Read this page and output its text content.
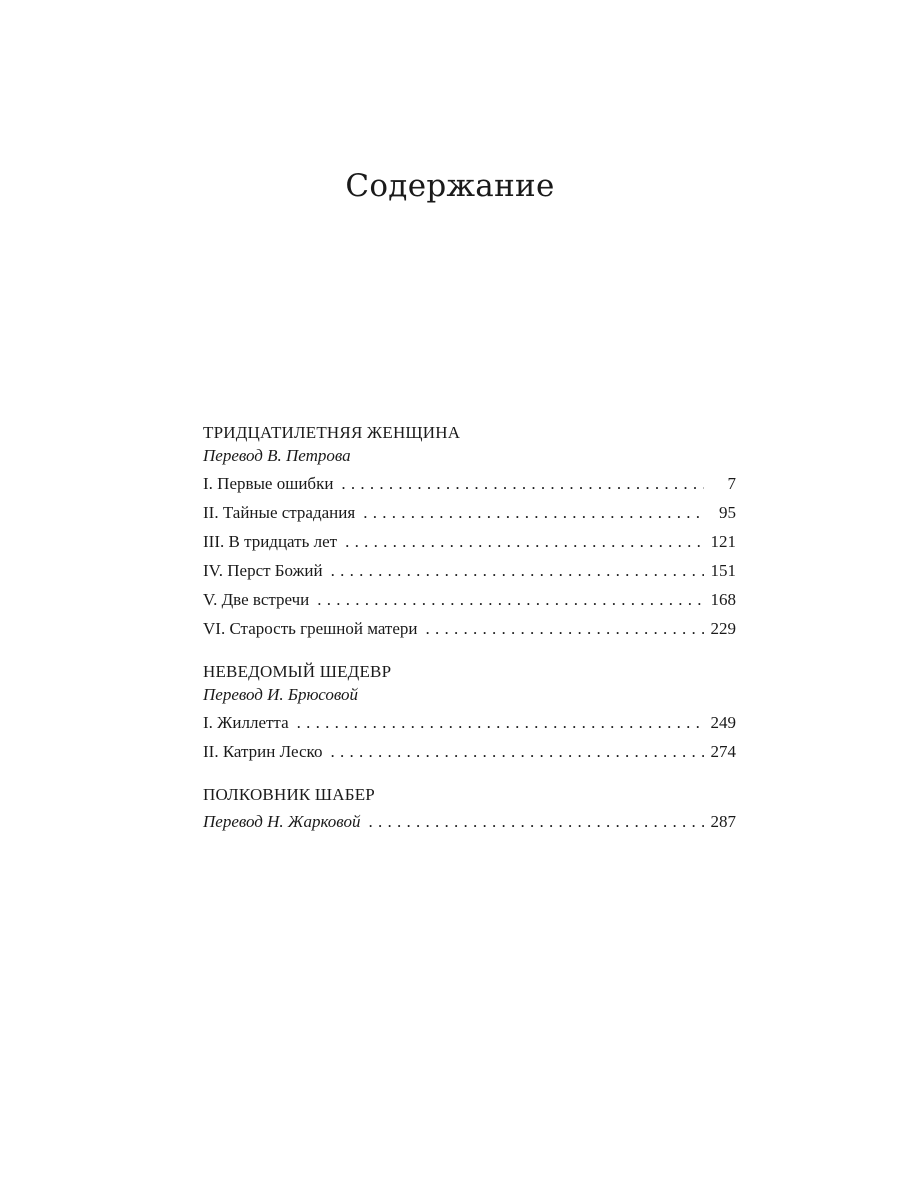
Содержание
ТРИДЦАТИЛЕТНЯЯ ЖЕНЩИНА
Перевод В. Петрова
I. Первые ошибки . . .	7
II. Тайные страдания . . .	95
III. В тридцать лет . . .	121
IV. Перст Божий . . .	151
V. Две встречи . . .	168
VI. Старость грешной матери . . .	229
НЕВЕДОМЫЙ ШЕДЕВР
Перевод И. Брюсовой
I. Жиллетта . . .	249
II. Катрин Леско . . .	274
ПОЛКОВНИК ШАБЕР
Перевод Н. Жарковой . . .	287
